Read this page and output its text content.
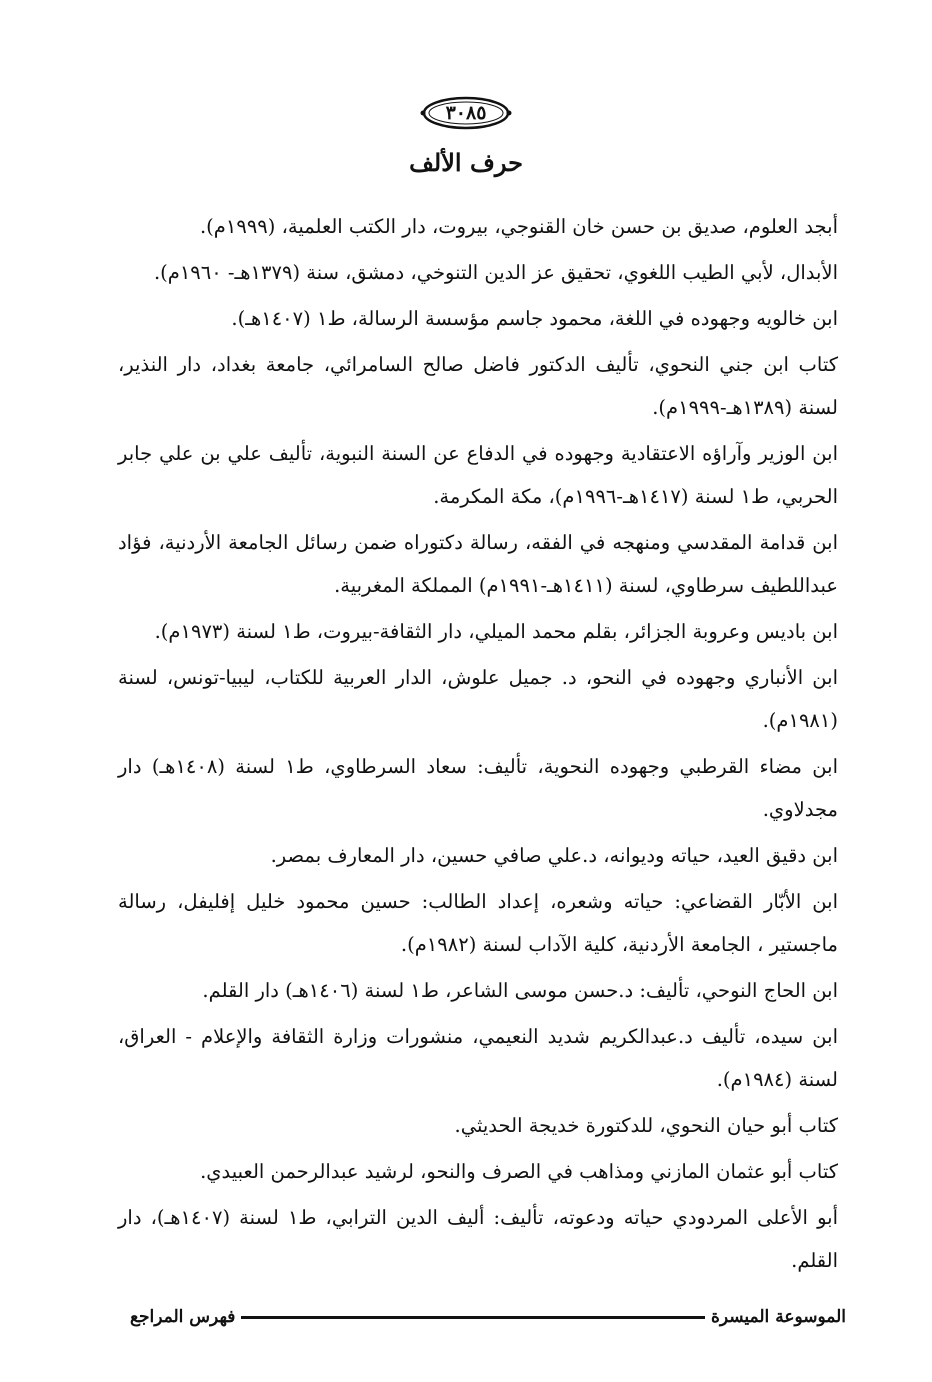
٣٠٨٥
حرف الألف
أبجد العلوم، صديق بن حسن خان القنوجي، بيروت، دار الكتب العلمية، (١٩٩٩م).
الأبدال، لأبي الطيب اللغوي، تحقيق عز الدين التنوخي، دمشق، سنة (١٣٧٩هـ- ١٩٦٠م).
ابن خالويه وجهوده في اللغة، محمود جاسم مؤسسة الرسالة، ط١ (١٤٠٧هـ).
كتاب ابن جني النحوي، تأليف الدكتور فاضل صالح السامرائي، جامعة بغداد، دار النذير، لسنة (١٣٨٩هـ-١٩٩٩م).
ابن الوزير وآراؤه الاعتقادية وجهوده في الدفاع عن السنة النبوية، تأليف علي بن علي جابر الحربي، ط١ لسنة (١٤١٧هـ-١٩٩٦م)، مكة المكرمة.
ابن قدامة المقدسي ومنهجه في الفقه، رسالة دكتوراه ضمن رسائل الجامعة الأردنية، فؤاد عبداللطيف سرطاوي، لسنة (١٤١١هـ-١٩٩١م) المملكة المغربية.
ابن باديس وعروبة الجزائر، بقلم محمد الميلي، دار الثقافة-بيروت، ط١ لسنة (١٩٧٣م).
ابن الأنباري وجهوده في النحو، د. جميل علوش، الدار العربية للكتاب، ليبيا-تونس، لسنة (١٩٨١م).
ابن مضاء القرطبي وجهوده النحوية، تأليف: سعاد السرطاوي، ط١ لسنة (١٤٠٨هـ) دار مجدلاوي.
ابن دقيق العيد، حياته وديوانه، د.علي صافي حسين، دار المعارف بمصر.
ابن الأبّار القضاعي: حياته وشعره، إعداد الطالب: حسين محمود خليل إفليفل، رسالة ماجستير ، الجامعة الأردنية، كلية الآداب لسنة (١٩٨٢م).
ابن الحاج النوحي، تأليف: د.حسن موسى الشاعر، ط١ لسنة (١٤٠٦هـ) دار القلم.
ابن سيده، تأليف د.عبدالكريم شديد النعيمي، منشورات وزارة الثقافة والإعلام - العراق، لسنة (١٩٨٤م).
كتاب أبو حيان النحوي، للدكتورة خديجة الحديثي.
كتاب أبو عثمان المازني ومذاهب في الصرف والنحو، لرشيد عبدالرحمن العبيدي.
أبو الأعلى المردودي حياته ودعوته، تأليف: أليف الدين الترابي، ط١ لسنة (١٤٠٧هـ)، دار القلم.
الموسوعة الميسرة
فهرس المراجع
